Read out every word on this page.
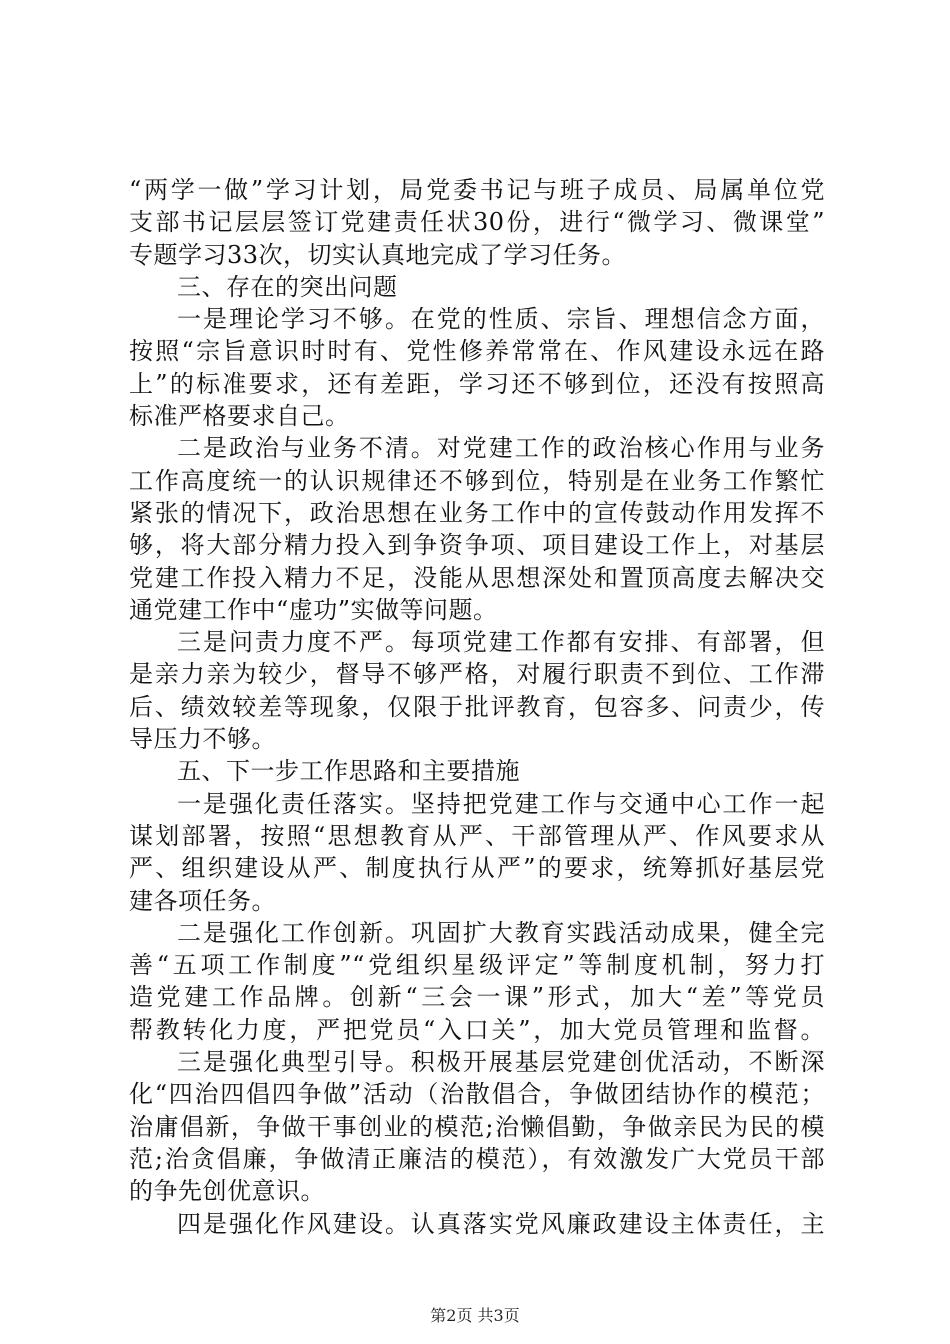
“两学一做”学习计划，局党委书记与班子成员、局属单位党
支部书记层层签订党建责任状30份，进行“微学习、微课堂”
专题学习33次，切实认真地完成了学习任务。
三、存在的突出问题
一是理论学习不够。在党的性质、宗旨、理想信念方面，
按照“宗旨意识时时有、党性修养常常在、作风建设永远在路
上”的标准要求，还有差距，学习还不够到位，还没有按照高
标准严格要求自己。
二是政治与业务不清。对党建工作的政治核心作用与业务
工作高度统一的认识规律还不够到位，特别是在业务工作繁忙
紧张的情况下，政治思想在业务工作中的宣传鼓动作用发挥不
够，将大部分精力投入到争资争项、项目建设工作上，对基层
党建工作投入精力不足，没能从思想深处和置顶高度去解决交
通党建工作中“虚功”实做等问题。
三是问责力度不严。每项党建工作都有安排、有部署，但
是亲力亲为较少，督导不够严格，对履行职责不到位、工作滞
后、绩效较差等现象，仅限于批评教育，包容多、问责少，传
导压力不够。
五、下一步工作思路和主要措施
一是强化责任落实。坚持把党建工作与交通中心工作一起
谋划部署，按照“思想教育从严、干部管理从严、作风要求从
严、组织建设从严、制度执行从严”的要求，统筹抓好基层党
建各项任务。
二是强化工作创新。巩固扩大教育实践活动成果，健全完
善“五项工作制度”“党组织星级评定”等制度机制，努力打
造党建工作品牌。创新“三会一课”形式，加大“差”等党员
帮教转化力度，严把党员“入口关”，加大党员管理和监督。
三是强化典型引导。积极开展基层党建创优活动，不断深
化“四治四倡四争做”活动（治散倡合，争做团结协作的模范；
治庸倡新，争做干事创业的模范;治懒倡勤，争做亲民为民的模
范;治贪倡廉，争做清正廉洁的模范），有效激发广大党员干部
的争先创优意识。
四是强化作风建设。认真落实党风廉政建设主体责任，主
第2页 共3页
